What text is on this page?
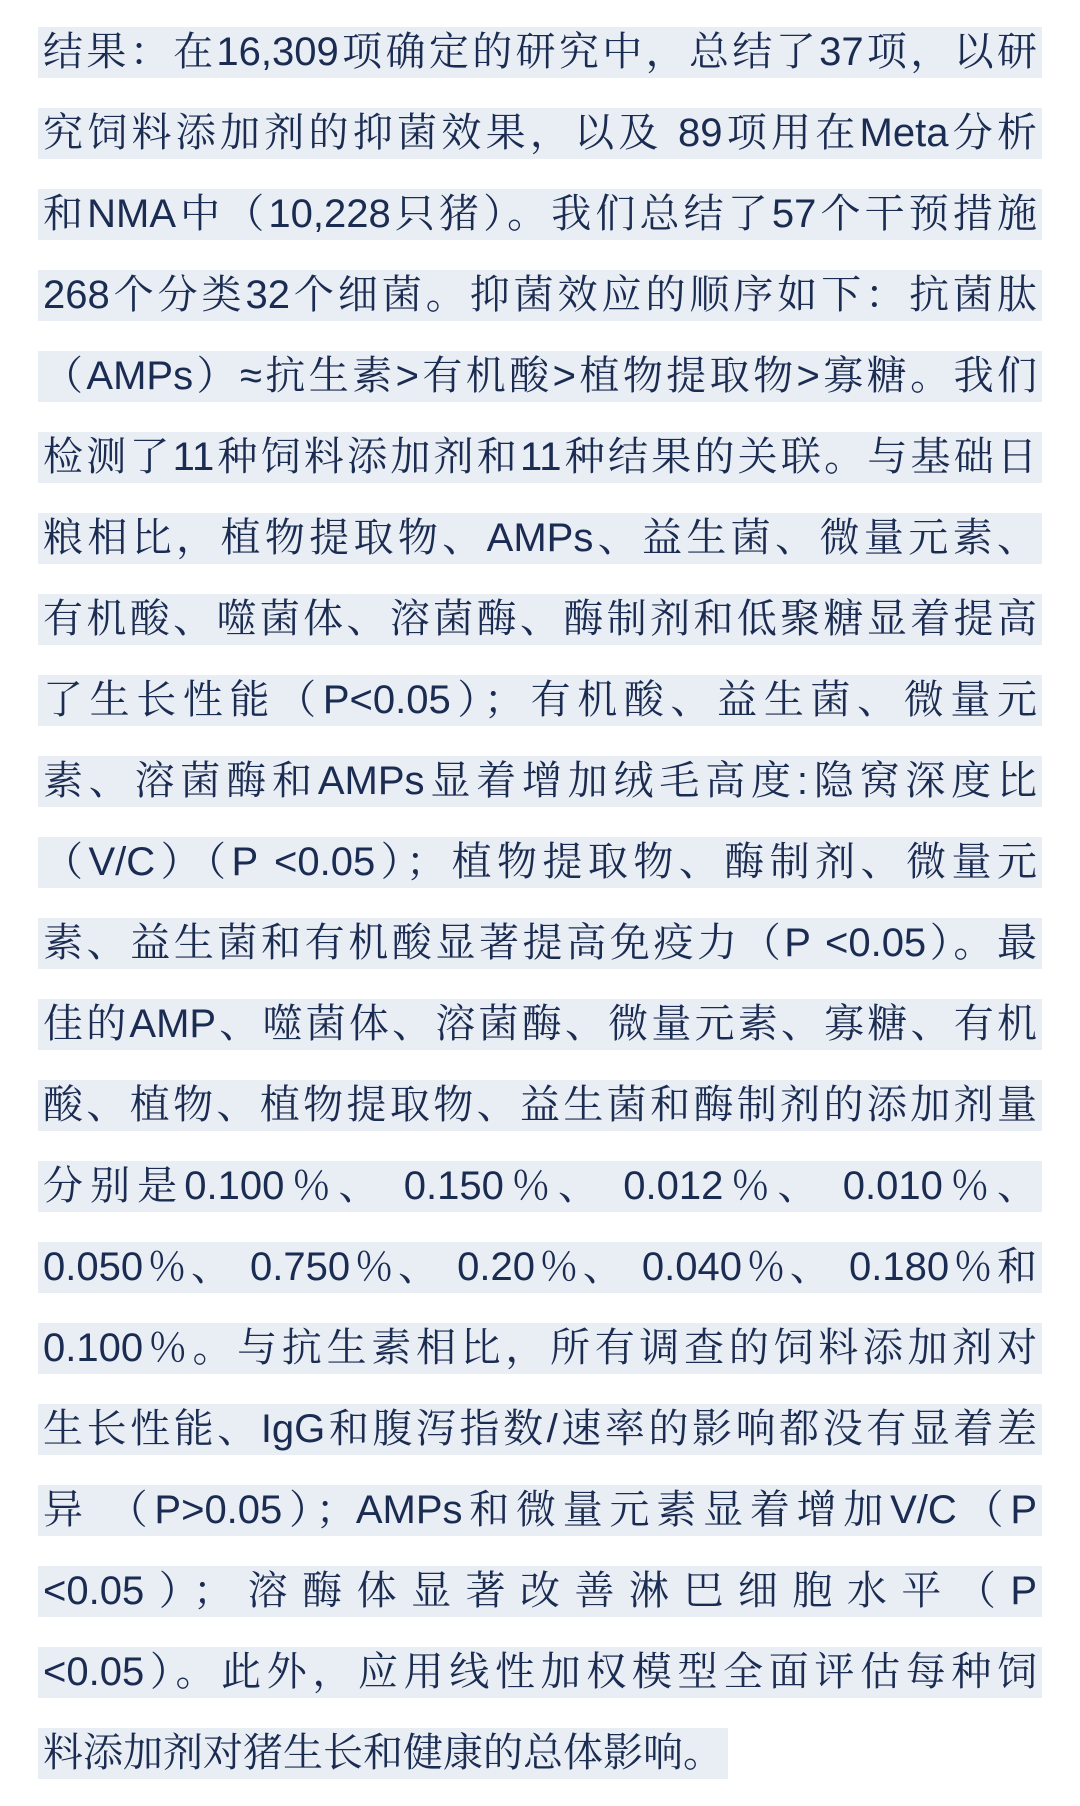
结果：在16,309项确定的研究中，总结了37项，以研

究饲料添加剂的抑菌效果，以及 89项用在Meta分析

和NMA中（10,228只猪）。我们总结了57个干预措施

268个分类32个细菌。抑菌效应的顺序如下：抗菌肽

（AMPs）≈抗生素>有机酸>植物提取物>寡糖。我们

检测了11种饲料添加剂和11种结果的关联。与基础日

粮相比，植物提取物、AMPs、益生菌、微量元素、

有机酸、噬菌体、溶菌酶、酶制剂和低聚糖显着提高

了生长性能（P<0.05）；有机酸、益生菌、微量元

素、溶菌酶和AMPs显着增加绒毛高度:隐窝深度比

（V/C）（P <0.05）；植物提取物、酶制剂、微量元

素、益生菌和有机酸显著提高免疫力（P <0.05）。最

佳的AMP、噬菌体、溶菌酶、微量元素、寡糖、有机

酸、植物、植物提取物、益生菌和酶制剂的添加剂量

分别是0.100％、 0.150％、 0.012％、 0.010％、

0.050％、 0.750％、 0.20％、 0.040％、 0.180％和

0.100％。与抗生素相比，所有调查的饲料添加剂对

生长性能、IgG和腹泻指数/速率的影响都没有显着差

异 （P>0.05）；AMPs和微量元素显着增加V/C（P

<0.05）；溶酶体显著改善淋巴细胞水平（P

<0.05）。此外，应用线性加权模型全面评估每种饲

料添加剂对猪生长和健康的总体影响。
